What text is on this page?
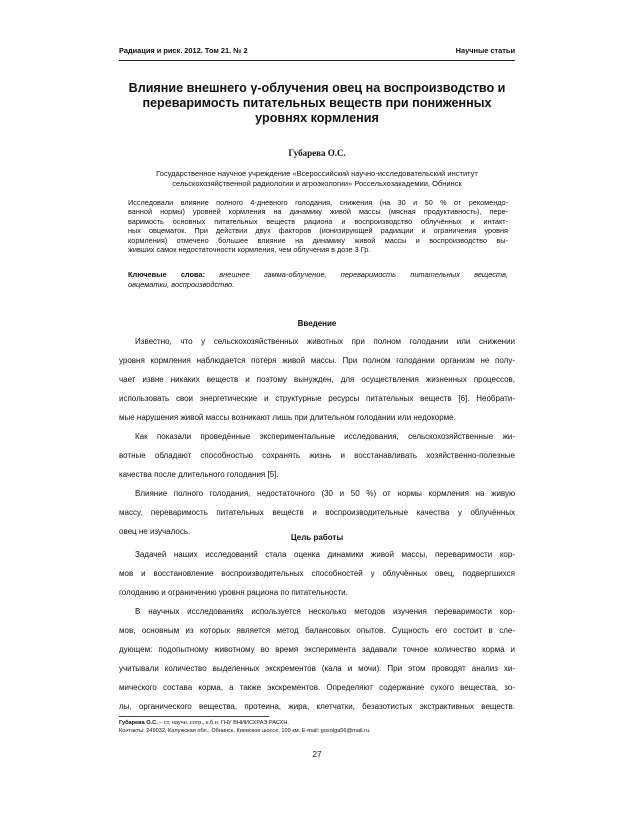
Радиация и риск. 2012. Том 21. № 2	Научные статьи
Влияние внешнего γ-облучения овец на воспроизводство и
переваримость питательных веществ при пониженных
уровнях кормления
Губарева О.С.
Государственное научное учреждение «Всероссийский научно-исследовательский институт
сельскохозяйственной радиологии и агроэкологии» Россельхозакадемии, Обнинск
Исследовали влияние полного 4-дневного голодания, снижения (на 30 и 50 % от рекомендо-
ванной нормы) уровней кормления на динамику живой массы (мясная продуктивность), пере-
варимость основных питательных веществ рациона и воспроизводство облучённых и интакт-
ных овцематок. При действии двух факторов (ионизирующей радиации и ограничения уровня
кормления) отмечено большее влияние на динамику живой массы и воспроизводство вы-
живших самок недостаточности кормления, чем облучения в дозе 3 Гр.
Ключевые слова: внешнее гамма-облучение, переваримость питательных веществ,
овцематки, воспроизводство.
Введение
Известно, что у сельскохозяйственных животных при полном голодании или снижении
уровня кормления наблюдается потеря живой массы. При полном голодании организм не полу-
чает извне никаких веществ и поэтому вынужден, для осуществления жизненных процессов,
использовать свои энергетические и структурные ресурсы питательных веществ [6]. Необрати-
мые нарушения живой массы возникают лишь при длительном голодании или недокорме.
Как показали проведённые экспериментальные исследования, сельскохозяйственные жи-
вотные обладают способностью сохранять жизнь и восстанавливать хозяйственно-полезные
качества после длительного голодания [5].
Влияние полного голодания, недостаточного (30 и 50 %) от нормы кормления на живую
массу, переваримость питательных веществ и воспроизводительные качества у облучённых
овец не изучалось.
Цель работы
Задачей наших исследований стала оценка динамики живой массы, переваримости кор-
мов и восстановление воспроизводительных способностей у облучённых овец, подвергшихся
голоданию и ограничению уровня рациона по питательности.
В научных исследованиях используется несколько методов изучения переваримости кор-
мов, основным из которых является метод балансовых опытов. Сущность его состоит в сле-
дующем: подопытному животному во время эксперимента задавали точное количество корма и
учитывали количество выделенных экскрементов (кала и мочи). При этом проводят анализ хи-
мического состава корма, а также экскрементов. Определяют содержание сухого вещества, зо-
Губарева О.С. – ст. научн. сотр., к.б.н. ГНУ ВНИИСХРАЭ РАСХН.
Контакты: 249032, Калужская обл., Обнинск, Киевское шоссе, 109 км. E-mail: gosolga56@mail.ru.
27
лы, органического вещества, протеина, жира, клетчатки, безазотистых экстрактивных веществ.
